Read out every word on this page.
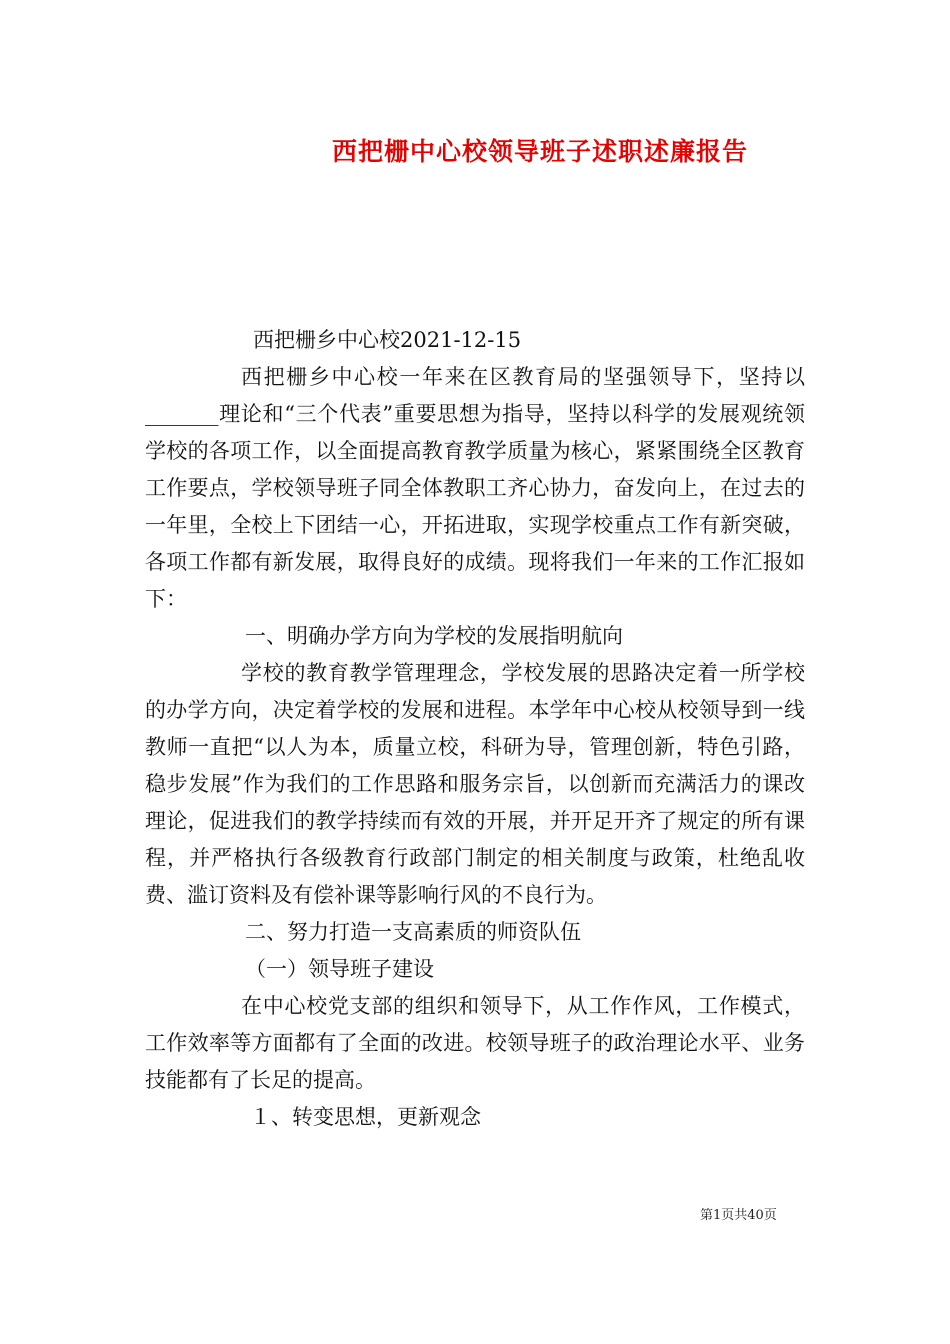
西把栅中心校领导班子述职述廉报告

西把栅乡中心校2021-12-15

西把栅乡中心校一年来在区教育局的坚强领导下，坚持以_______理论和“三个代表”重要思想为指导，坚持以科学的发展观统领学校的各项工作，以全面提高教育教学质量为核心，紧紧围绕全区教育工作要点，学校领导班子同全体教职工齐心协力，奋发向上，在过去的一年里，全校上下团结一心，开拓进取，实现学校重点工作有新突破，各项工作都有新发展，取得良好的成绩。现将我们一年来的工作汇报如下：

一、明确办学方向为学校的发展指明航向

学校的教育教学管理理念，学校发展的思路决定着一所学校的办学方向，决定着学校的发展和进程。本学年中心校从校领导到一线教师一直把“以人为本，质量立校，科研为导，管理创新，特色引路，稳步发展”作为我们的工作思路和服务宗旨，以创新而充满活力的课改理论，促进我们的教学持续而有效的开展，并开足开齐了规定的所有课程，并严格执行各级教育行政部门制定的相关制度与政策，杜绝乱收费、滥订资料及有偿补课等影响行风的不良行为。

二、努力打造一支高素质的师资队伍

（一）领导班子建设

在中心校党支部的组织和领导下，从工作作风，工作模式，工作效率等方面都有了全面的改进。校领导班子的政治理论水平、业务技能都有了长足的提高。

１、转变思想，更新观念

第1页共40页
